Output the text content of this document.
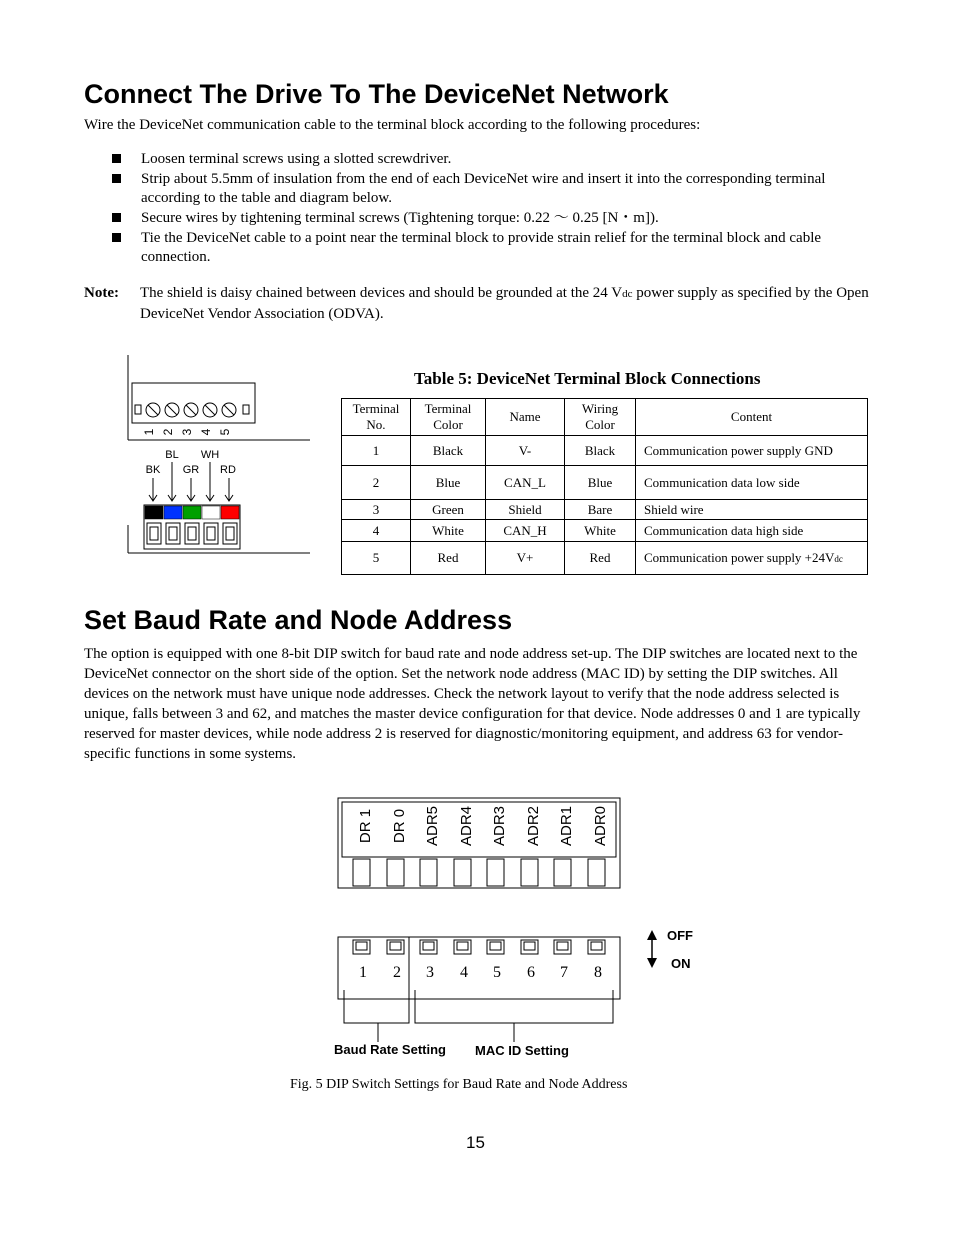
Connect The Drive To The DeviceNet Network
Wire the DeviceNet communication cable to the terminal block according to the following procedures:
Loosen terminal screws using a slotted screwdriver.
Strip about 5.5mm of insulation from the end of each DeviceNet wire and insert it into the corresponding terminal according to the table and diagram below.
Secure wires by tightening terminal screws (Tightening torque: 0.22 ～ 0.25 [N・m]).
Tie the DeviceNet cable to a point near the terminal block to provide strain relief for the terminal block and cable connection.
Note: The shield is daisy chained between devices and should be grounded at the 24 Vdc power supply as specified by the Open DeviceNet Vendor Association (ODVA).
1 2 3 4 5
BL WH
BK GR RD
Table 5: DeviceNet Terminal Block Connections
Terminal No.	Terminal Color	Name	Wiring Color	Content
1	Black	V-	Black	Communication power supply GND
2	Blue	CAN_L	Blue	Communication data low side
3	Green	Shield	Bare	Shield wire
4	White	CAN_H	White	Communication data high side
5	Red	V+	Red	Communication power supply +24Vdc
Set Baud Rate and Node Address
The option is equipped with one 8-bit DIP switch for baud rate and node address set-up. The DIP switches are located next to the DeviceNet connector on the short side of the option. Set the network node address (MAC ID) by setting the DIP switches. All devices on the network must have unique node addresses. Check the network layout to verify that the node address selected is unique, falls between 3 and 62, and matches the master device configuration for that device. Node addresses 0 and 1 are typically reserved for master devices, while node address 2 is reserved for diagnostic/monitoring equipment, and address 63 for vendor-specific functions in some systems.
DR 1 DR 0 ADR5 ADR4 ADR3 ADR2 ADR1 ADR0
1 2 3 4 5 6 7 8
Baud Rate Setting MAC ID Setting
OFF
ON
Fig. 5 DIP Switch Settings for Baud Rate and Node Address
15
